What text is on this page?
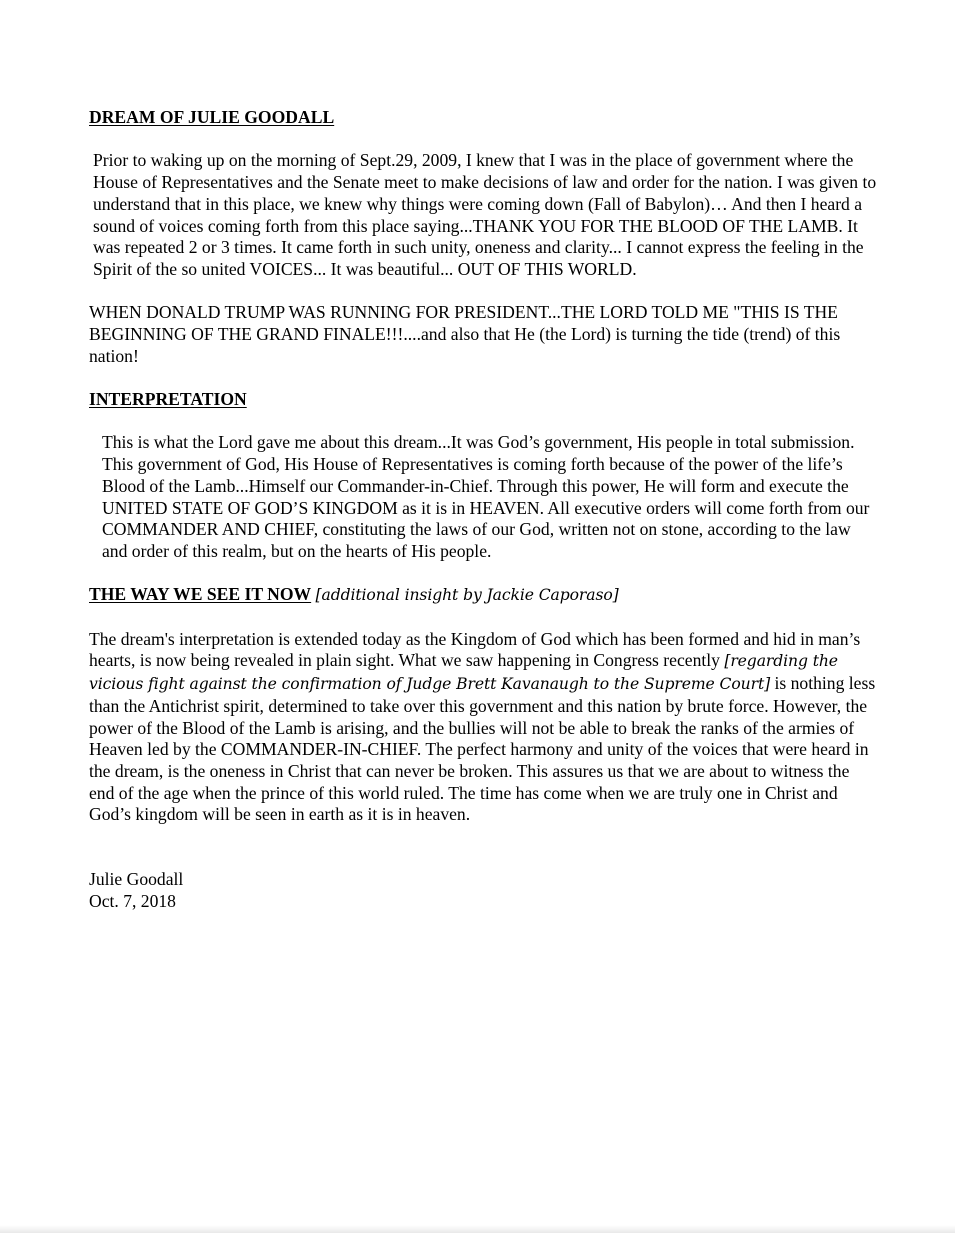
DREAM OF JULIE GOODALL

Prior to waking up on the morning of Sept.29, 2009, I knew that I was in the place of government where the House of Representatives and the Senate meet to make decisions of law and order for the nation. I was given to understand that in this place, we knew why things were coming down (Fall of Babylon)… And then I heard a sound of voices coming forth from this place saying...THANK YOU FOR THE BLOOD OF THE LAMB. It was repeated 2 or 3 times. It came forth in such unity, oneness and clarity... I cannot express the feeling in the Spirit of the so united VOICES... It was beautiful... OUT OF THIS WORLD.

WHEN DONALD TRUMP WAS RUNNING FOR PRESIDENT...THE LORD TOLD ME "THIS IS THE BEGINNING OF THE GRAND FINALE!!!....and also that He (the Lord) is turning the tide (trend) of this nation!

INTERPRETATION

This is what the Lord gave me about this dream...It was God’s government, His people in total submission. This government of God, His House of Representatives is coming forth because of the power of the life’s Blood of the Lamb...Himself our Commander-in-Chief. Through this power, He will form and execute the UNITED STATE OF GOD’S KINGDOM as it is in HEAVEN. All executive orders will come forth from our COMMANDER AND CHIEF, constituting the laws of our God, written not on stone, according to the law and order of this realm, but on the hearts of His people.

THE WAY WE SEE IT NOW [additional insight by Jackie Caporaso]

The dream's interpretation is extended today as the Kingdom of God which has been formed and hid in man’s hearts, is now being revealed in plain sight. What we saw happening in Congress recently [regarding the vicious fight against the confirmation of Judge Brett Kavanaugh to the Supreme Court] is nothing less than the Antichrist spirit, determined to take over this government and this nation by brute force. However, the power of the Blood of the Lamb is arising, and the bullies will not be able to break the ranks of the armies of Heaven led by the COMMANDER-IN-CHIEF. The perfect harmony and unity of the voices that were heard in the dream, is the oneness in Christ that can never be broken. This assures us that we are about to witness the end of the age when the prince of this world ruled. The time has come when we are truly one in Christ and God’s kingdom will be seen in earth as it is in heaven.

Julie Goodall

Oct. 7, 2018
